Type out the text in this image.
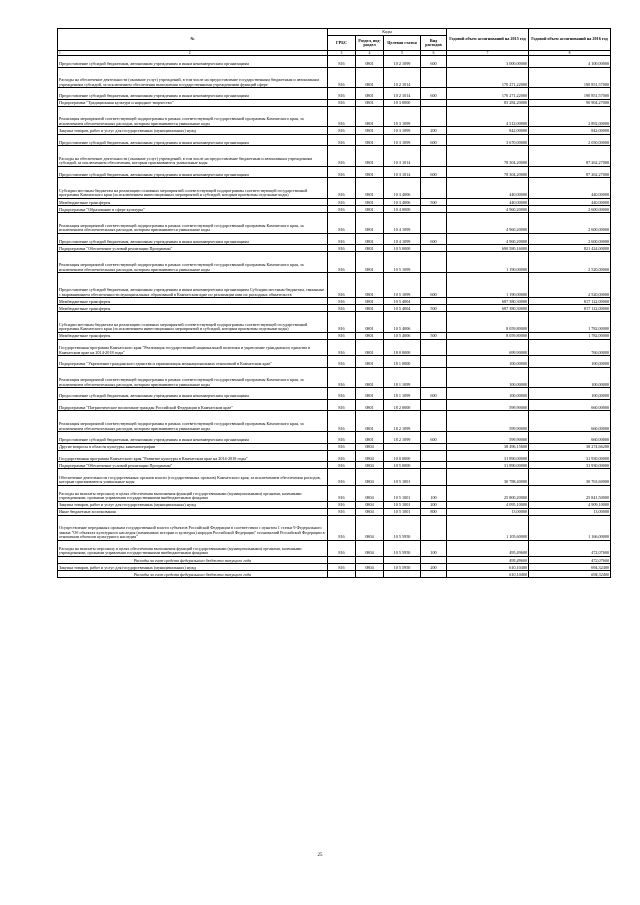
№	Коды				Годовой объем ассигнований на 2015 год	Годовой объем ассигнований на 2016 год
	ГРБС	Раздел, под-раздел	Целевая статья	Вид расходов		
1 2	3	4	5	6	7	8
Предоставление субсидий бюджетным, автономным учреждениям и иным некоммерческим организациям	816	0801	10 2 1099	600	3 000,00000	4 100,00000
Расходы на обеспечение деятельности (оказание услуг) учреждений, в том числе на предоставление государственным бюджетным и автономным учреждениям субсидий, за исключением обеспечения выполнения государственными учреждениями функций сфере	816	0801	10 2 1014		170 271,22000	190 851,57000
Предоставление субсидий бюджетным, автономным учреждениям и иным некоммерческим организациям	816	0801	10 2 1014	600	170 271,22000	190 851,57000
Подпрограмма "Традиционная культура и народное творчество"	816	0801	10 3 0000		83 284,20000	90 904,27000
Реализация мероприятий соответствующей подпрограммы в рамках соответствующей государственной программы Камчатского края, за исключением обеспечительных расходов, которым присваиваются уникальные коды	816	0801	10 3 1099		4 512,00000	2 892,00000
Закупка товаров, работ и услуг для государственных (муниципальных) нужд	816	0801	10 3 1099	200	842,00000	842,00000
Предоставление субсидий бюджетным, автономным учреждениям и иным некоммерческим организациям	816	0801	10 3 1099	600	3 670,00000	2 050,00000
Расходы на обеспечение деятельности (оказание услуг) учреждений, в том числе на предоставление бюджетным и автономным учреждениям субсидий, за исключением обеспечения, которым присваиваются уникальные коды	816	0801	10 3 1014		78 304,20000	87 262,27000
Предоставление субсидий бюджетным, автономным учреждениям и иным некоммерческим организациям	816	0801	10 3 1014	600	78 304,20000	87 262,27000
Субсидии местным бюджетам на реализацию основных мероприятий соответствующей подпрограммы соответствующей государственной программы Камчатского края (за исключением инвестиционных мероприятий и субсидий, которым присвоены отдельные коды)	816	0801	10 3 4006		440,00000	440,00000
Межбюджетные трансферты	816	0801	10 3 4006	500	440,00000	440,00000
Подпрограмма "Образование в сфере культуры"	816	0801	10 4 0000		4 960,20000	2 600,00000
Реализация мероприятий соответствующей подпрограммы в рамках соответствующей государственной программы Камчатского края, за исключением обеспечительных расходов, которым присваиваются уникальные коды	816	0801	10 4 1099		4 960,20000	2 600,00000
Предоставление субсидий бюджетным, автономным учреждениям и иным некоммерческим организациям	816	0801	10 4 1099	600	4 960,20000	2 600,00000
Подпрограмма "Обеспечение условий реализации Программы"	816	0801	10 5 0000		690 580,16000	821 424,00000
Реализация мероприятий соответствующей подпрограммы в рамках соответствующей государственной программы Камчатского края, за исключением обеспечительных расходов, которым присваиваются уникальные коды	816	0801	10 5 1099		1 190,00000	2 520,00000
Предоставление субсидий бюджетным, автономным учреждениям и иным некоммерческим организациям Субсидии местным бюджетам, связанные с выравниванием обеспеченности муниципальных образований в Камчатском крае по реализации ими их расходных обязательств	816	0801	10 5 1099	600	1 190,00000	2 520,00000
Межбюджетные трансферты	816	0801	10 5 4004		687 380,30000	817 122,00000
Межбюджетные трансферты	816	0801	10 5 4004	500	687 380,30000	817 122,00000
Субсидии местным бюджетам на реализацию основных мероприятий соответствующей подпрограммы соответствующей государственной программы Камчатского края (за исключением инвестиционных мероприятий и субсидий, которым присвоены отдельные коды)	816	0801	10 5 4006		8 059,80000	1 782,00000
Межбюджетные трансферты	816	0801	10 5 4006	500	8 059,80000	1 782,00000
Государственная программа Камчатского края "Реализация государственной национальной политики и укрепление гражданского единства в Камчатском крае на 2014-2018 годы"	816	0801	18 0 0000		699,90000	760,00000
Подпрограмма "Укрепление гражданского единства и гармонизация межнациональных отношений в Камчатском крае"	816	0801	18 1 0000		100,00000	100,00000
Реализация мероприятий соответствующей подпрограммы в рамках соответствующей государственной программы Камчатского края, за исключением обеспечительных расходов, которым присваиваются уникальные коды	816	0801	18 1 1099		100,00000	100,00000
Предоставление субсидий бюджетным, автономным учреждениям и иным некоммерческим организациям	816	0801	18 1 1099	600	100,00000	100,00000
Подпрограмма "Патриотическое воспитание граждан Российской Федерации в Камчатском крае"	816	0801	18 2 0000		599,90000	660,00000
Реализация мероприятий соответствующей подпрограммы в рамках соответствующей государственной программы Камчатского края, за исключением обеспечительных расходов, которым присваиваются уникальные коды	816	0801	18 2 1099		599,90000	660,00000
Предоставление субсидий бюджетным, автономным учреждениям и иным некоммерческим организациям	816	0801	18 2 1099	600	599,90000	660,00000
Другие вопросы в области культуры, кинематографии	816	0804			38 496,15600	38 274,66200
Государственная программа Камчатского края "Развитие культуры в Камчатском крае на 2014-2018 годы"	816	0804	10 0 0000		31 890,00000	31 930,00000
Подпрограмма "Обеспечение условий реализации Программы"	816	0804	10 5 0000		31 890,00000	31 930,00000
Обеспечение деятельности государственных органов власти (государственных органов) Камчатского края, за исключением обеспечения расходов, которым присваиваются уникальные коды	816	0804	10 5 1001		30 788,40000	30 763,60000
Расходы на выплаты персоналу в целях обеспечения выполнения функций государственными (муниципальными) органами, казенными учреждениями, органами управления государственными внебюджетными фондами	816	0804	10 5 1001	100	25 800,20000	25 841,50000
Закупка товаров, работ и услуг для государственных (муниципальных) нужд	816	0804	10 5 1001	200	4 095,10000	4 909,10000
Иные бюджетные ассигнования	816	0804	10 5 1001	800	13,00000	13,00000
Осуществление переданных органам государственной власти субъектов Российской Федерации в соответствии с пунктом 1 статьи 9 Федерального закона "Об объектах культурного наследия (памятниках истории и культуры) народов Российской Федерации" полномочий Российской Федерации в отношении объектов культурного наследия"	816	0804	10 5 5950		1 105,60000	1 166,00000
Расходы на выплаты персоналу в целях обеспечения выполнения функций государственными (муниципальными) органами, казенными учреждениями, органами управления государственными внебюджетными фондами	816	0804	10 5 5950	100	495,49600	472,07600
Расходы за счет средств федерального бюджета текущего года					495,49600	472,07600
Закупка товаров, работ и услуг для государственных (муниципальных) нужд	816	0804	10 5 5950	200	610,10400	694,32400
Расходы за счет средств федерального бюджета текущего года					610,10400	694,32400
25
